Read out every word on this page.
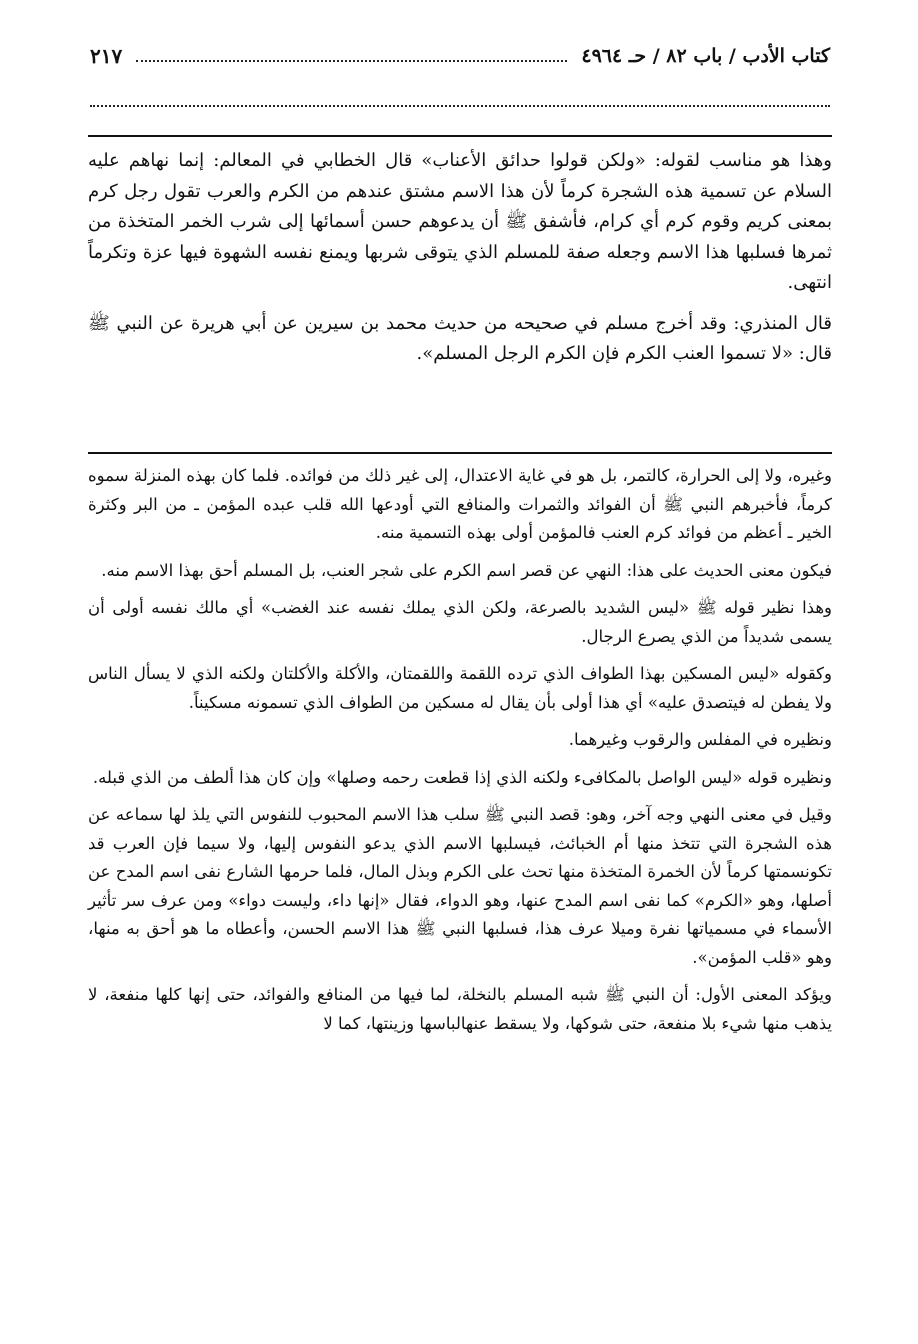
كتاب الأدب / باب ٨٢ / حـ ٤٩٦٤
٢١٧

وهذا هو مناسب لقوله: «ولكن قولوا حدائق الأعناب» قال الخطابي في المعالم: إنما نهاهم عليه السلام عن تسمية هذه الشجرة كرماً لأن هذا الاسم مشتق عندهم من الكرم والعرب تقول رجل كرم بمعنى كريم وقوم كرم أي كرام، فأشفق ﷺ أن يدعوهم حسن أسمائها إلى شرب الخمر المتخذة من ثمرها فسلبها هذا الاسم وجعله صفة للمسلم الذي يتوقى شربها ويمنع نفسه الشهوة فيها عزة وتكرماً انتهى.

قال المنذري: وقد أخرج مسلم في صحيحه من حديث محمد بن سيرين عن أبي هريرة عن النبي ﷺ قال: «لا تسموا العنب الكرم فإن الكرم الرجل المسلم».

وغيره، ولا إلى الحرارة، كالتمر، بل هو في غاية الاعتدال، إلى غير ذلك من فوائده. فلما كان بهذه المنزلة سموه كرماً، فأخبرهم النبي ﷺ أن الفوائد والثمرات والمنافع التي أودعها الله قلب عبده المؤمن ـ من البر وكثرة الخير ـ أعظم من فوائد كرم العنب فالمؤمن أولى بهذه التسمية منه.

فيكون معنى الحديث على هذا: النهي عن قصر اسم الكرم على شجر العنب، بل المسلم أحق بهذا الاسم منه.

وهذا نظير قوله ﷺ «ليس الشديد بالصرعة، ولكن الذي يملك نفسه عند الغضب» أي مالك نفسه أولى أن يسمى شديداً من الذي يصرع الرجال.

وكقوله «ليس المسكين بهذا الطواف الذي ترده اللقمة واللقمتان، والأكلة والأكلتان ولكنه الذي لا يسأل الناس ولا يفطن له فيتصدق عليه» أي هذا أولى بأن يقال له مسكين من الطواف الذي تسمونه مسكيناً.

ونظيره في المفلس والرقوب وغيرهما.

ونظيره قوله «ليس الواصل بالمكافىء ولكنه الذي إذا قطعت رحمه وصلها» وإن كان هذا ألطف من الذي قبله.

وقيل في معنى النهي وجه آخر، وهو: قصد النبي ﷺ سلب هذا الاسم المحبوب للنفوس التي يلذ لها سماعه عن هذه الشجرة التي تتخذ منها أم الخبائث، فيسلبها الاسم الذي يدعو النفوس إليها، ولا سيما فإن العرب قد تكونسمتها كرماً لأن الخمرة المتخذة منها تحث على الكرم وبذل المال، فلما حرمها الشارع نفى اسم المدح عن أصلها، وهو «الكرم» كما نفى اسم المدح عنها، وهو الدواء، فقال «إنها داء، وليست دواء» ومن عرف سر تأثير الأسماء في مسمياتها نفرة وميلا عرف هذا، فسلبها النبي ﷺ هذا الاسم الحسن، وأعطاه ما هو أحق به منها، وهو «قلب المؤمن».

ويؤكد المعنى الأول: أن النبي ﷺ شبه المسلم بالنخلة، لما فيها من المنافع والفوائد، حتى إنها كلها منفعة، لا يذهب منها شيء بلا منفعة، حتى شوكها، ولا يسقط عنهالباسها وزينتها، كما لا
